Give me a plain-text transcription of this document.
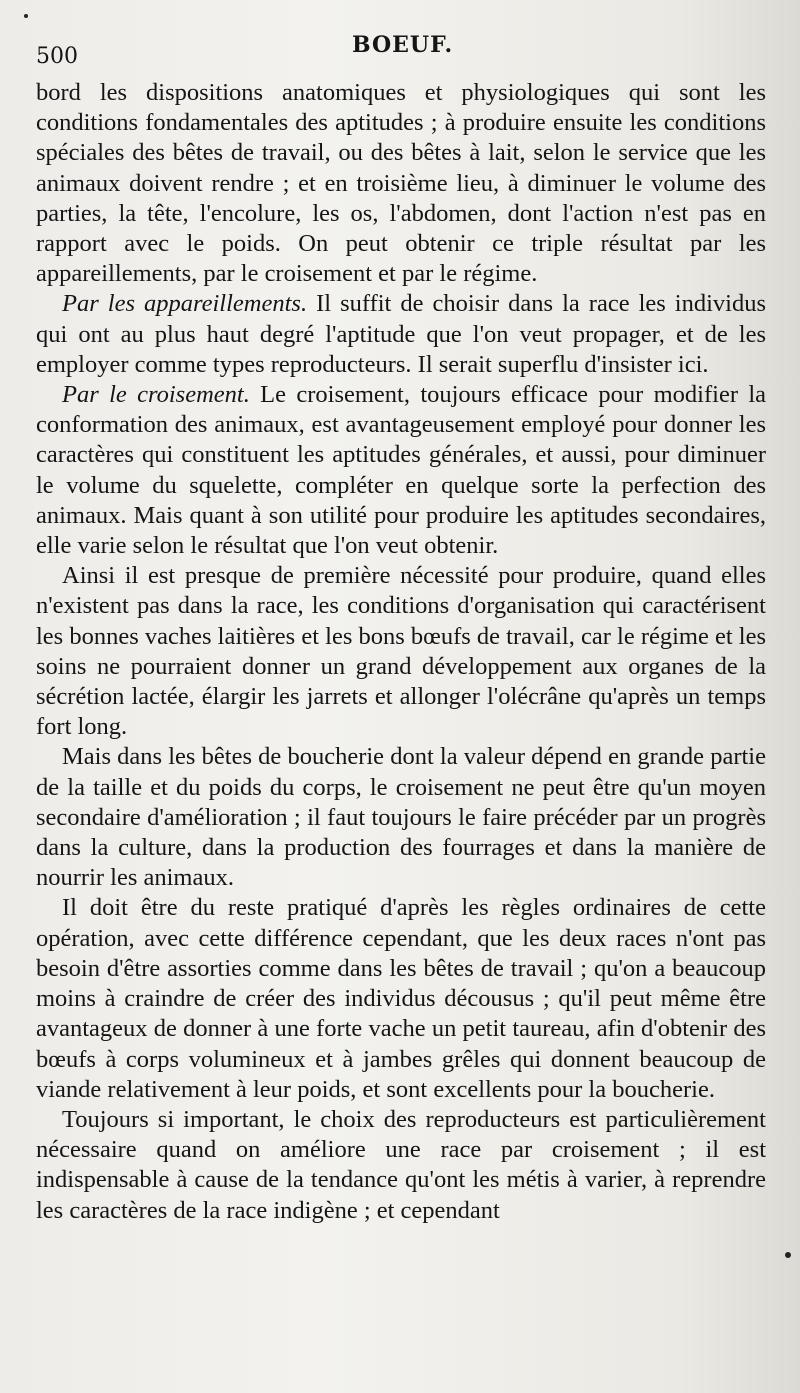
500	BOEUF.

bord les dispositions anatomiques et physiologiques qui sont les conditions fondamentales des aptitudes ; à produire ensuite les conditions spéciales des bêtes de travail, ou des bêtes à lait, selon le service que les animaux doivent rendre ; et en troisième lieu, à diminuer le volume des parties, la tête, l'encolure, les os, l'abdomen, dont l'action n'est pas en rapport avec le poids. On peut obtenir ce triple résultat par les appareillements, par le croisement et par le régime.

Par les appareillements. Il suffit de choisir dans la race les individus qui ont au plus haut degré l'aptitude que l'on veut propager, et de les employer comme types reproducteurs. Il serait superflu d'insister ici.

Par le croisement. Le croisement, toujours efficace pour modifier la conformation des animaux, est avantageusement employé pour donner les caractères qui constituent les aptitudes générales, et aussi, pour diminuer le volume du squelette, compléter en quelque sorte la perfection des animaux. Mais quant à son utilité pour produire les aptitudes secondaires, elle varie selon le résultat que l'on veut obtenir.

Ainsi il est presque de première nécessité pour produire, quand elles n'existent pas dans la race, les conditions d'organisation qui caractérisent les bonnes vaches laitières et les bons bœufs de travail, car le régime et les soins ne pourraient donner un grand développement aux organes de la sécrétion lactée, élargir les jarrets et allonger l'olécrâne qu'après un temps fort long.

Mais dans les bêtes de boucherie dont la valeur dépend en grande partie de la taille et du poids du corps, le croisement ne peut être qu'un moyen secondaire d'amélioration ; il faut toujours le faire précéder par un progrès dans la culture, dans la production des fourrages et dans la manière de nourrir les animaux.

Il doit être du reste pratiqué d'après les règles ordinaires de cette opération, avec cette différence cependant, que les deux races n'ont pas besoin d'être assorties comme dans les bêtes de travail ; qu'on a beaucoup moins à craindre de créer des individus décousus ; qu'il peut même être avantageux de donner à une forte vache un petit taureau, afin d'obtenir des bœufs à corps volumineux et à jambes grêles qui donnent beaucoup de viande relativement à leur poids, et sont excellents pour la boucherie.

Toujours si important, le choix des reproducteurs est particulièrement nécessaire quand on améliore une race par croisement ; il est indispensable à cause de la tendance qu'ont les métis à varier, à reprendre les caractères de la race indigène ; et cependant
